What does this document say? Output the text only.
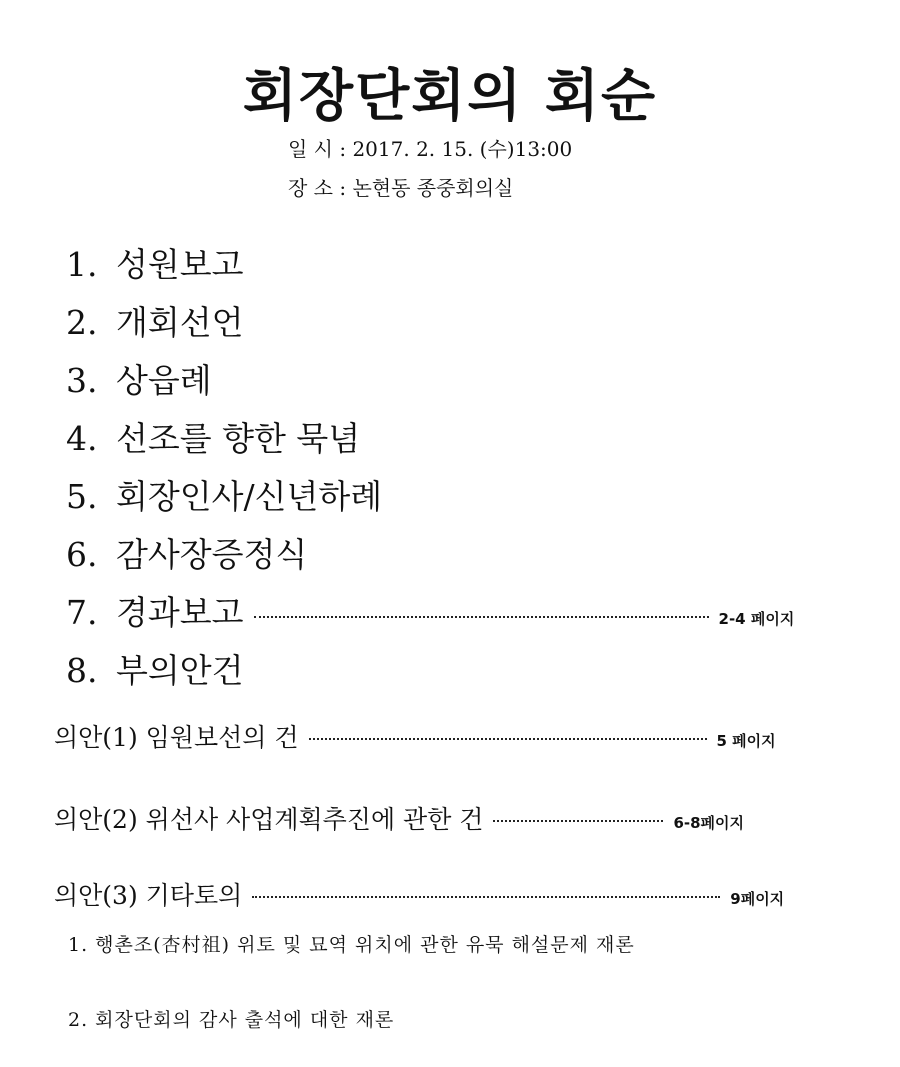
회장단회의 회순

일 시 : 2017. 2. 15. (수)13:00

장 소 : 논현동 종중회의실

1. 성원보고
2. 개회선언
3. 상읍례
4. 선조를 향한 묵념
5. 회장인사/신년하례
6. 감사장증정식
7. 경과보고	2-4 페이지
8. 부의안건
의안(1) 임원보선의 건	5 페이지
의안(2) 위선사 사업계획추진에 관한 건	6-8페이지
의안(3) 기타토의	9페이지

1. 행촌조(杏村祖) 위토 및 묘역 위치에 관한 유묵 해설문제 재론

2. 회장단회의 감사 출석에 대한 재론
